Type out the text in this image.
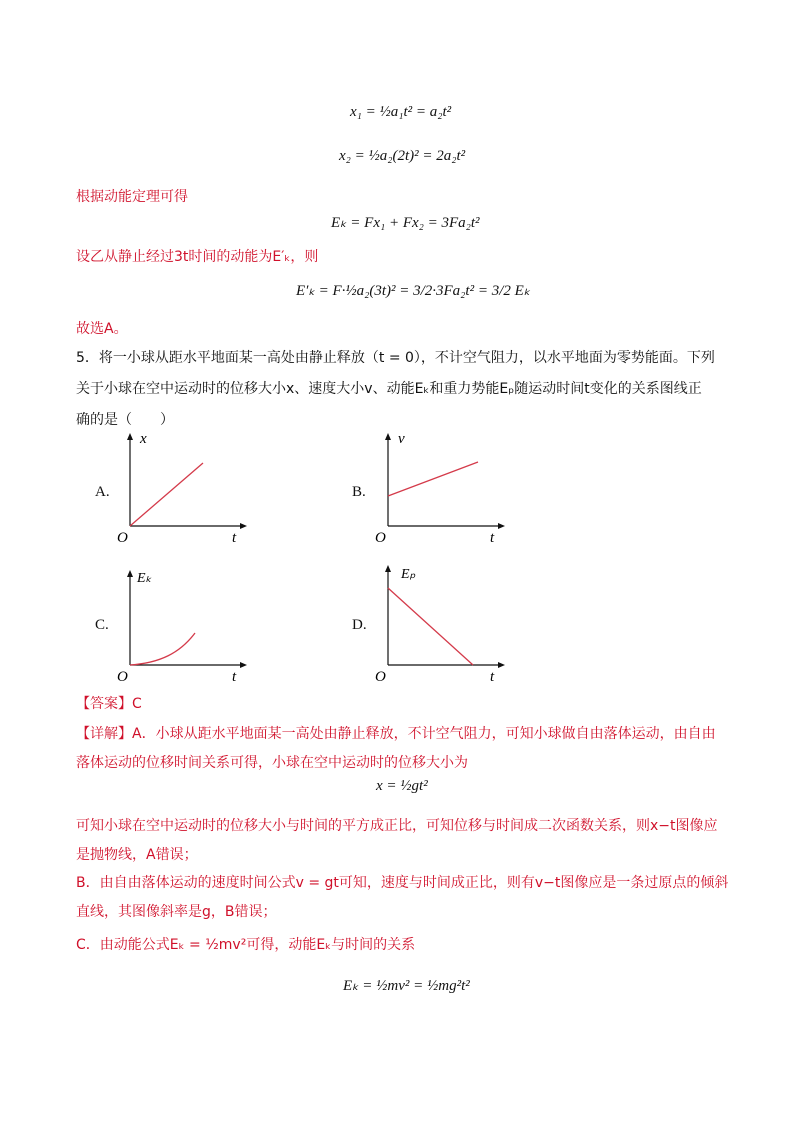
x₁ = ½a₁t² = a₂t²
x₂ = ½a₂(2t)² = 2a₂t²
根据动能定理可得
Eₖ = Fx₁ + Fx₂ = 3Fa₂t²
设乙从静止经过3t时间的动能为E′ₖ，则
E′ₖ = F·½a₂(3t)² = 3/2·3Fa₂t² = 3/2 Eₖ
故选A。
5．将一小球从距水平地面某一高处由静止释放（t = 0），不计空气阻力，以水平地面为零势能面。下列
关于小球在空中运动时的位移大小x、速度大小v、动能Eₖ和重力势能Eₚ随运动时间t变化的关系图线正
确的是（　　）
A.	B.
C.	D.
x
t
O
v
t
O
Eₖ
t
O
Eₚ
t
O
【答案】C
【详解】A．小球从距水平地面某一高处由静止释放，不计空气阻力，可知小球做自由落体运动，由自由
落体运动的位移时间关系可得，小球在空中运动时的位移大小为
x = ½gt²
可知小球在空中运动时的位移大小与时间的平方成正比，可知位移与时间成二次函数关系，则x−t图像应
是抛物线，A错误；
B．由自由落体运动的速度时间公式v = gt可知，速度与时间成正比，则有v−t图像应是一条过原点的倾斜
直线，其图像斜率是g，B错误；
C．由动能公式Eₖ = ½mv²可得，动能Eₖ与时间的关系
Eₖ = ½mv² = ½mg²t²
